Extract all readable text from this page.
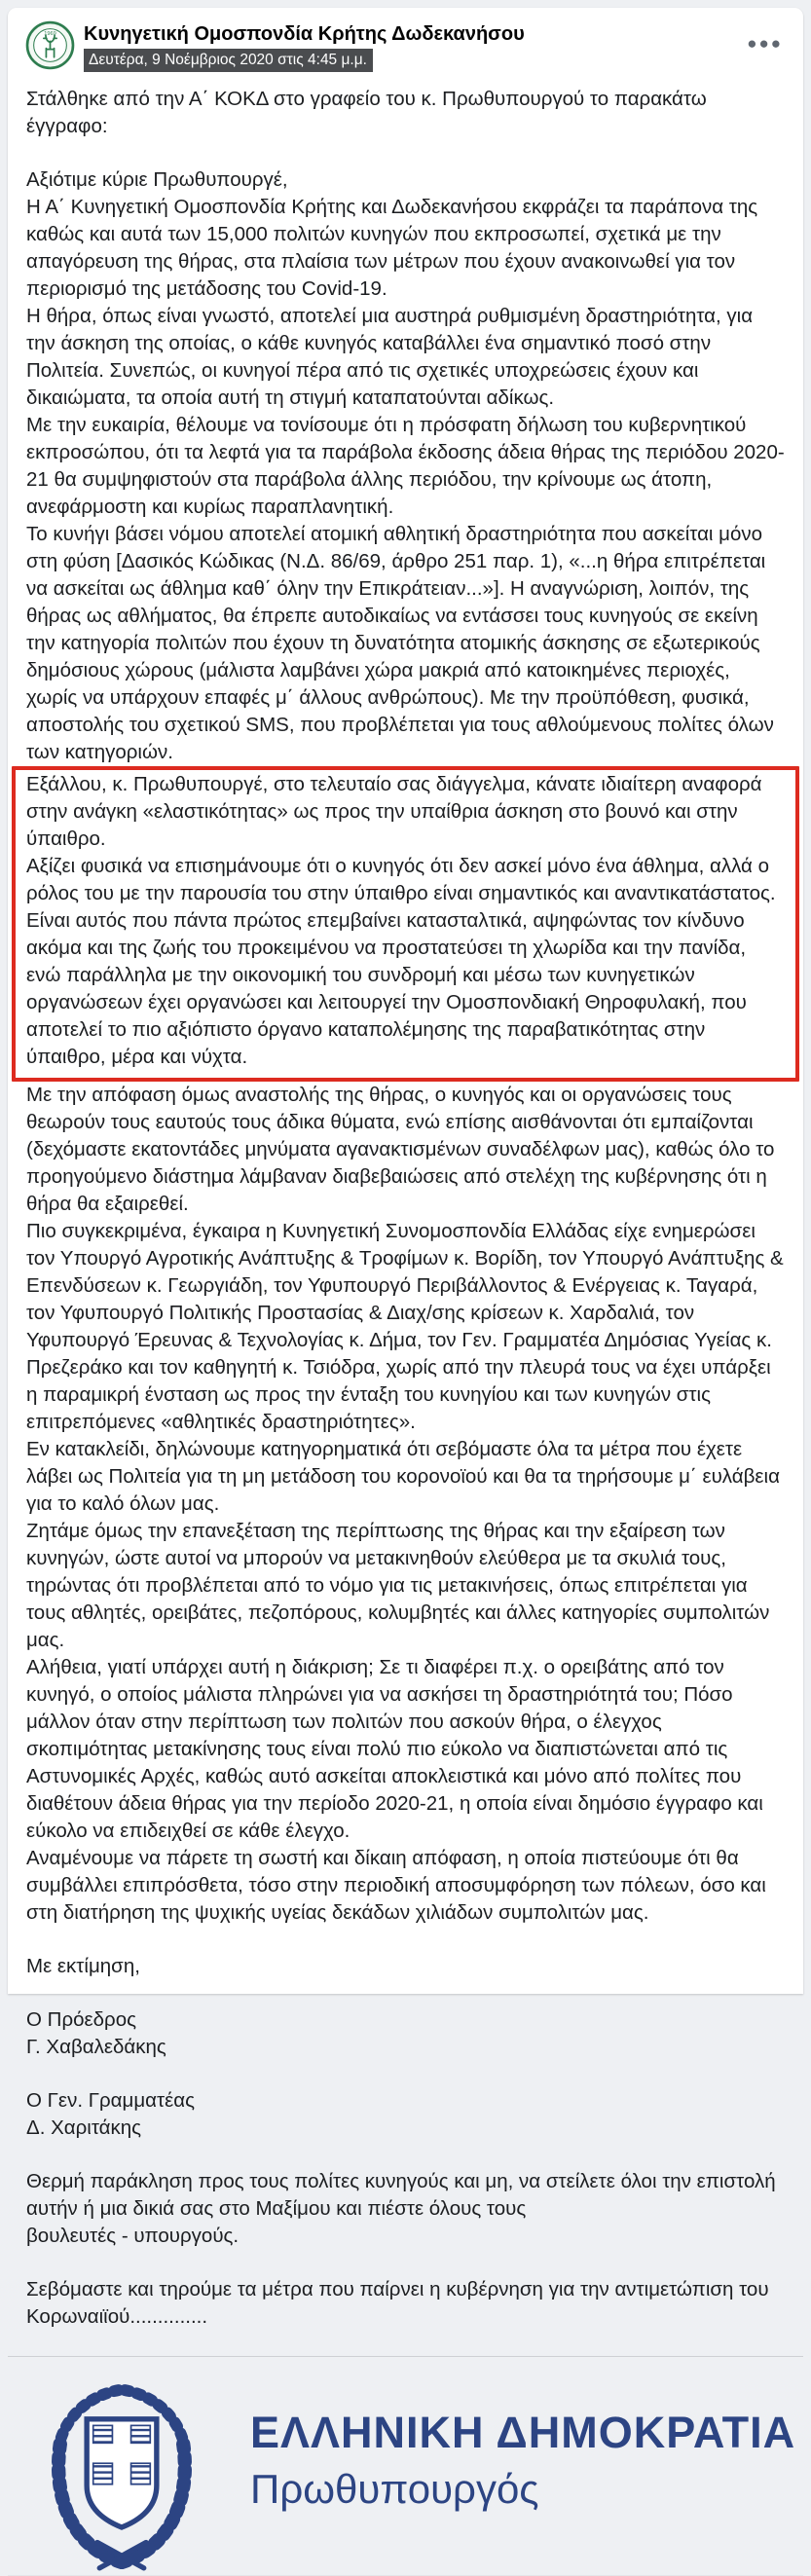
1969 Κυνηγετική Ομοσπονδία Κρήτης Δωδεκανήσου
Δευτέρα, 9 Νοέμβριος 2020 στις 4:45 μ.μ.
●●●

Στάλθηκε από την Α΄ ΚΟΚΔ στο γραφείο του κ. Πρωθυπουργού το παρακάτω έγγραφο:

Αξιότιμε κύριε Πρωθυπουργέ,

Η Α΄ Κυνηγετική Ομοσπονδία Κρήτης και Δωδεκανήσου εκφράζει τα παράπονα της καθώς και αυτά των 15,000 πολιτών κυνηγών που εκπροσωπεί, σχετικά με την απαγόρευση της θήρας, στα πλαίσια των μέτρων που έχουν ανακοινωθεί για τον περιορισμό της μετάδοσης του Covid-19.

Η θήρα, όπως είναι γνωστό, αποτελεί μια αυστηρά ρυθμισμένη δραστηριότητα, για την άσκηση της οποίας, ο κάθε κυνηγός καταβάλλει ένα σημαντικό ποσό στην Πολιτεία. Συνεπώς, οι κυνηγοί πέρα από τις σχετικές υποχρεώσεις έχουν και δικαιώματα, τα οποία αυτή τη στιγμή καταπατούνται αδίκως.

Με την ευκαιρία, θέλουμε να τονίσουμε ότι η πρόσφατη δήλωση του κυβερνητικού εκπροσώπου, ότι τα λεφτά για τα παράβολα έκδοσης άδεια θήρας της περιόδου 2020-21 θα συμψηφιστούν στα παράβολα άλλης περιόδου, την κρίνουμε ως άτοπη, ανεφάρμοστη και κυρίως παραπλανητική.

Το κυνήγι βάσει νόμου αποτελεί ατομική αθλητική δραστηριότητα που ασκείται μόνο στη φύση [Δασικός Κώδικας (Ν.Δ. 86/69, άρθρο 251 παρ. 1), «...η θήρα επιτρέπεται να ασκείται ως άθλημα καθ΄ όλην την Επικράτειαν...»]. Η αναγνώριση, λοιπόν, της θήρας ως αθλήματος, θα έπρεπε αυτοδικαίως να εντάσσει τους κυνηγούς σε εκείνη την κατηγορία πολιτών που έχουν τη δυνατότητα ατομικής άσκησης σε εξωτερικούς δημόσιους χώρους (μάλιστα λαμβάνει χώρα μακριά από κατοικημένες περιοχές, χωρίς να υπάρχουν επαφές μ΄ άλλους ανθρώπους). Με την προϋπόθεση, φυσικά, αποστολής του σχετικού SMS, που προβλέπεται για τους αθλούμενους πολίτες όλων των κατηγοριών.

Εξάλλου, κ. Πρωθυπουργέ, στο τελευταίο σας διάγγελμα, κάνατε ιδιαίτερη αναφορά στην ανάγκη «ελαστικότητας» ως προς την υπαίθρια άσκηση στο βουνό και στην ύπαιθρο.

Αξίζει φυσικά να επισημάνουμε ότι ο κυνηγός ότι δεν ασκεί μόνο ένα άθλημα, αλλά ο ρόλος του με την παρουσία του στην ύπαιθρο είναι σημαντικός και αναντικατάστατος. Είναι αυτός που πάντα πρώτος επεμβαίνει κατασταλτικά, αψηφώντας τον κίνδυνο ακόμα και της ζωής του προκειμένου να προστατεύσει τη χλωρίδα και την πανίδα, ενώ παράλληλα με την οικονομική του συνδρομή και μέσω των κυνηγετικών οργανώσεων έχει οργανώσει και λειτουργεί την Ομοσπονδιακή Θηροφυλακή, που αποτελεί το πιο αξιόπιστο όργανο καταπολέμησης της παραβατικότητας στην ύπαιθρο, μέρα και νύχτα.

Με την απόφαση όμως αναστολής της θήρας, ο κυνηγός και οι οργανώσεις τους θεωρούν τους εαυτούς τους άδικα θύματα, ενώ επίσης αισθάνονται ότι εμπαίζονται (δεχόμαστε εκατοντάδες μηνύματα αγανακτισμένων συναδέλφων μας), καθώς όλο το προηγούμενο διάστημα λάμβαναν διαβεβαιώσεις από στελέχη της κυβέρνησης ότι η θήρα θα εξαιρεθεί.

Πιο συγκεκριμένα, έγκαιρα η Κυνηγετική Συνομοσπονδία Ελλάδας είχε ενημερώσει τον Υπουργό Αγροτικής Ανάπτυξης & Τροφίμων κ. Βορίδη, τον Υπουργό Ανάπτυξης & Επενδύσεων κ. Γεωργιάδη, τον Υφυπουργό Περιβάλλοντος & Ενέργειας κ. Ταγαρά, τον Υφυπουργό Πολιτικής Προστασίας & Διαχ/σης κρίσεων κ. Χαρδαλιά, τον Υφυπουργό Έρευνας & Τεχνολογίας κ. Δήμα, τον Γεν. Γραμματέα Δημόσιας Υγείας κ. Πρεζεράκο και τον καθηγητή κ. Τσιόδρα, χωρίς από την πλευρά τους να έχει υπάρξει η παραμικρή ένσταση ως προς την ένταξη του κυνηγίου και των κυνηγών στις επιτρεπόμενες «αθλητικές δραστηριότητες».

Εν κατακλείδι, δηλώνουμε κατηγορηματικά ότι σεβόμαστε όλα τα μέτρα που έχετε λάβει ως Πολιτεία για τη μη μετάδοση του κορονοϊού και θα τα τηρήσουμε μ΄ ευλάβεια για το καλό όλων μας.

Ζητάμε όμως την επανεξέταση της περίπτωσης της θήρας και την εξαίρεση των κυνηγών, ώστε αυτοί να μπορούν να μετακινηθούν ελεύθερα με τα σκυλιά τους, τηρώντας ότι προβλέπεται από το νόμο για τις μετακινήσεις, όπως επιτρέπεται για τους αθλητές, ορειβάτες, πεζοπόρους, κολυμβητές και άλλες κατηγορίες συμπολιτών μας.

Αλήθεια, γιατί υπάρχει αυτή η διάκριση; Σε τι διαφέρει π.χ. ο ορειβάτης από τον κυνηγό, ο οποίος μάλιστα πληρώνει για να ασκήσει τη δραστηριότητά του; Πόσο μάλλον όταν στην περίπτωση των πολιτών που ασκούν θήρα, ο έλεγχος σκοπιμότητας μετακίνησης τους είναι πολύ πιο εύκολο να διαπιστώνεται από τις Αστυνομικές Αρχές, καθώς αυτό ασκείται αποκλειστικά και μόνο από πολίτες που διαθέτουν άδεια θήρας για την περίοδο 2020-21, η οποία είναι δημόσιο έγγραφο και εύκολο να επιδειχθεί σε κάθε έλεγχο.

Αναμένουμε να πάρετε τη σωστή και δίκαιη απόφαση, η οποία πιστεύουμε ότι θα συμβάλλει επιπρόσθετα, τόσο στην περιοδική αποσυμφόρηση των πόλεων, όσο και στη διατήρηση της ψυχικής υγείας δεκάδων χιλιάδων συμπολιτών μας.

Με εκτίμηση,

Ο Πρόεδρος
Γ. Χαβαλεδάκης

Ο Γεν. Γραμματέας
Δ. Χαριτάκης

Θερμή παράκληση προς τους πολίτες κυνηγούς και μη, να στείλετε όλοι την επιστολή αυτήν ή μια δικιά σας στο Μαξίμου και πιέστε όλους τους
βουλευτές - υπουργούς.

Σεβόμαστε και τηρούμε τα μέτρα που παίρνει η κυβέρνηση για την αντιμετώπιση του Κορωναιϊού..............

ΕΛΛΗΝΙΚΗ ΔΗΜΟΚΡΑΤΙΑ
Πρωθυπουργός
